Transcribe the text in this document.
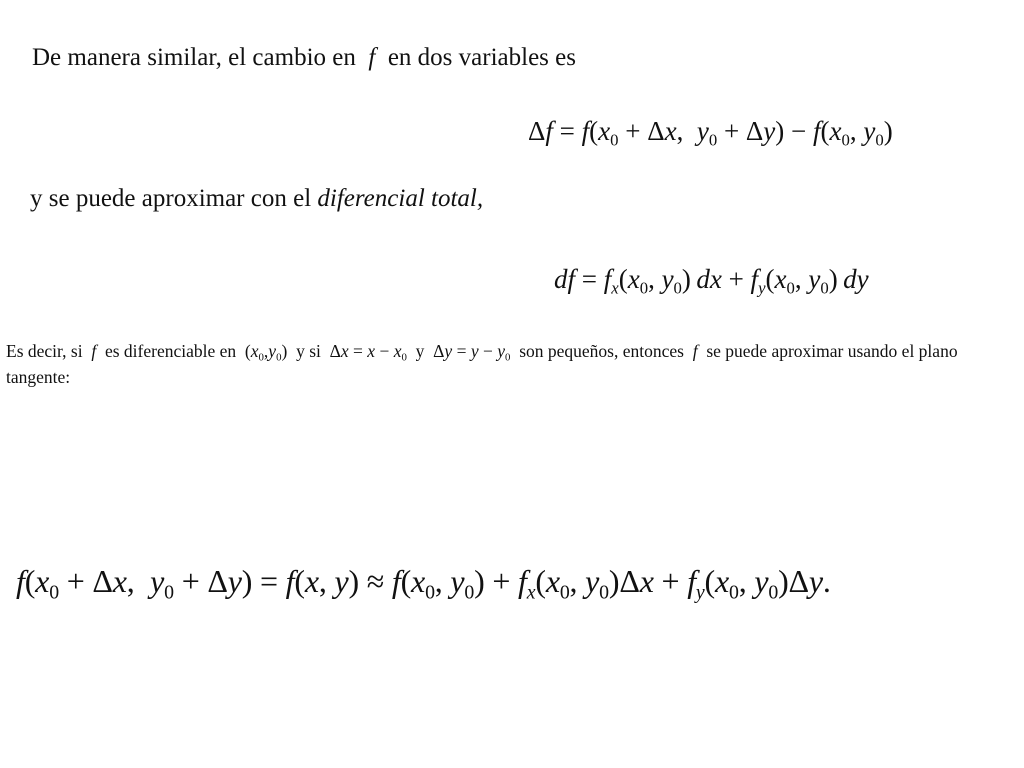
De manera similar, el cambio en  f  en dos variables es
$\Delta f = f(x_0 + \Delta x$,  $y_0 + \Delta y) - f(x_0$, $y_0$)
y se puede aproximar con el diferencial total,
df = $f_x(x_0$, $y_0$) dx + $f_y(x_0$, $y_0$) dy
Es decir, si  f  es diferenciable en  $(x_0,y_0)$  y si  $\Delta x = x - x_0$  y  $\Delta y = y - y_0$  son pequeños, entonces  f  se puede aproximar usando el plano tangente:
$f(x_0 + \Delta x$,  $y_0 + \Delta y) = f(x$, $y) \approx f(x_0$, $y_0) + f_x(x_0$, $y_0)\Delta x + f_y(x_0$, $y_0)\Delta y$.
